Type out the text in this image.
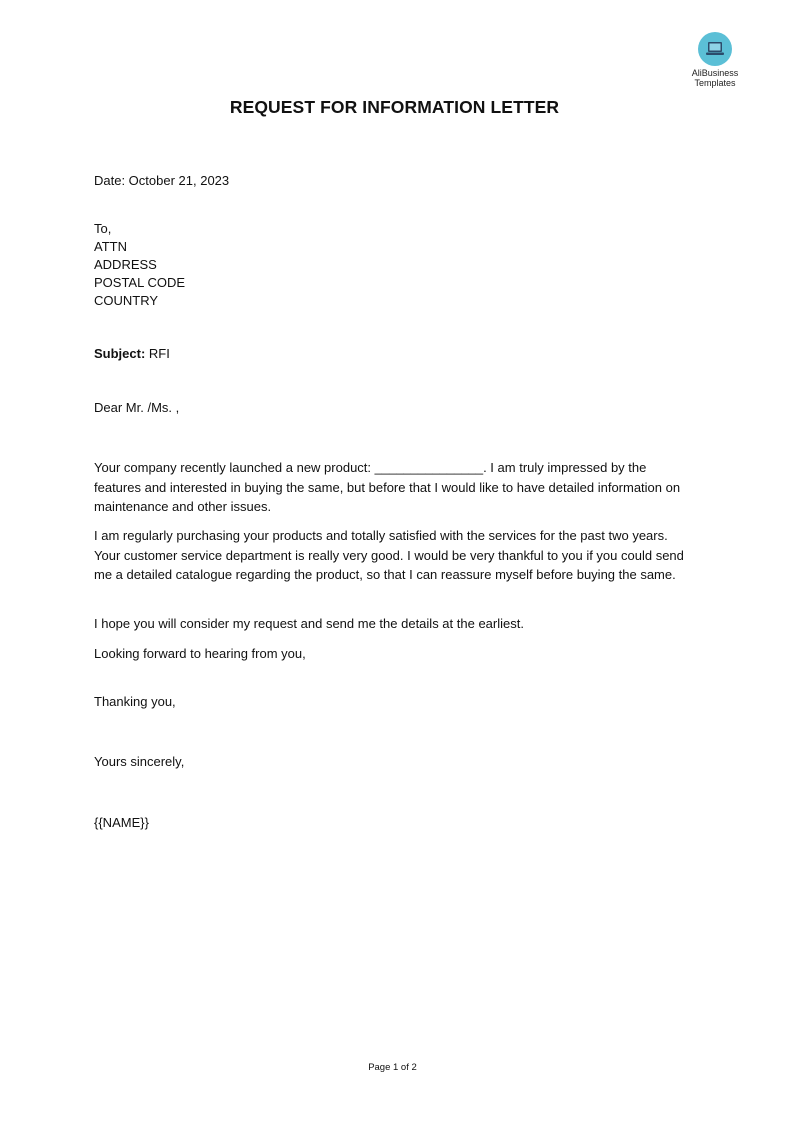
AliBusiness
Templates
REQUEST FOR INFORMATION LETTER
Date: October 21, 2023
To,
ATTN
ADDRESS
POSTAL CODE
COUNTRY
Subject: RFI
Dear Mr. /Ms. ,
Your company recently launched a new product: _______________. I am truly impressed by the features and interested in buying the same, but before that I would like to have detailed information on maintenance and other issues.
I am regularly purchasing your products and totally satisfied with the services for the past two years. Your customer service department is really very good. I would be very thankful to you if you could send me a detailed catalogue regarding the product, so that I can reassure myself before buying the same.
I hope you will consider my request and send me the details at the earliest.
Looking forward to hearing from you,
Thanking you,
Yours sincerely,
{{NAME}}
Page 1 of 2
